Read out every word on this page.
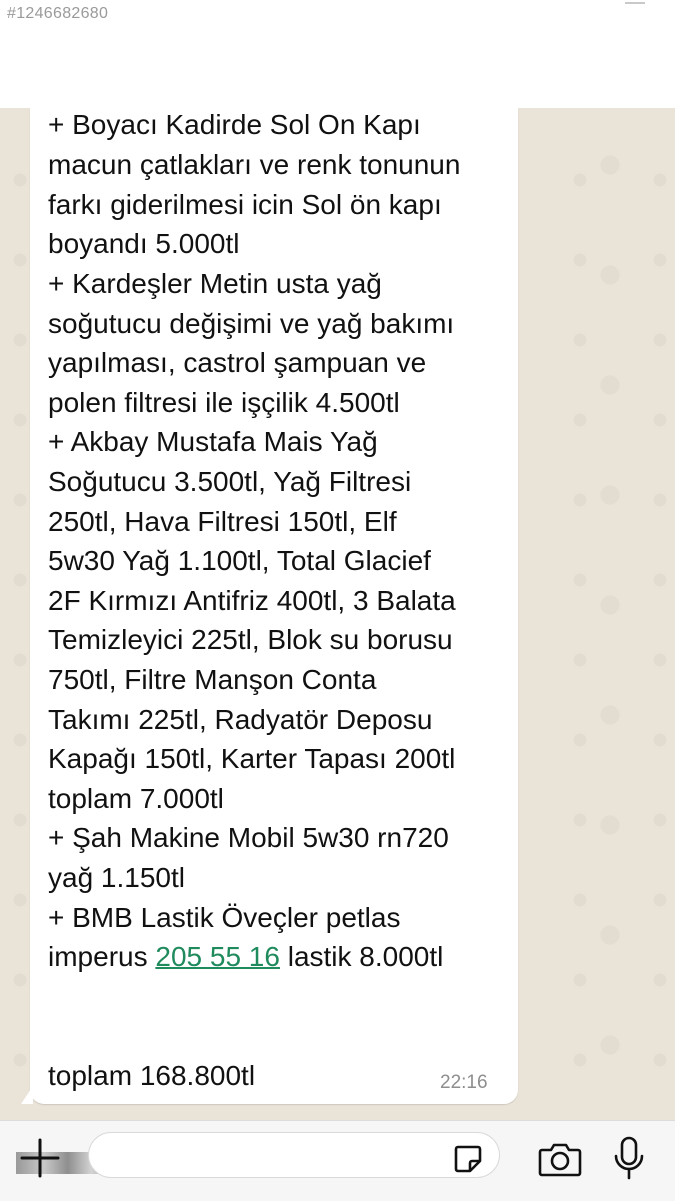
#1246682680
+ Boyacı Kadirde Sol On Kapı
macun çatlakları ve renk tonunun
farkı giderilmesi icin Sol ön kapı
boyandı 5.000tl
+ Kardeşler Metin usta yağ
soğutucu değişimi ve yağ bakımı
yapılması, castrol şampuan ve
polen filtresi ile işçilik 4.500tl
+ Akbay Mustafa Mais Yağ
Soğutucu 3.500tl, Yağ Filtresi
250tl, Hava Filtresi 150tl, Elf
5w30 Yağ 1.100tl, Total Glacief
2F Kırmızı Antifriz 400tl, 3 Balata
Temizleyici 225tl, Blok su borusu
750tl, Filtre Manşon Conta
Takımı 225tl, Radyatör Deposu
Kapağı 150tl, Karter Tapası 200tl
toplam 7.000tl
+ Şah Makine Mobil 5w30 rn720
yağ 1.150tl
+ BMB Lastik Öveçler petlas
imperus 205 55 16 lastik 8.000tl
toplam 168.800tl	22:16
